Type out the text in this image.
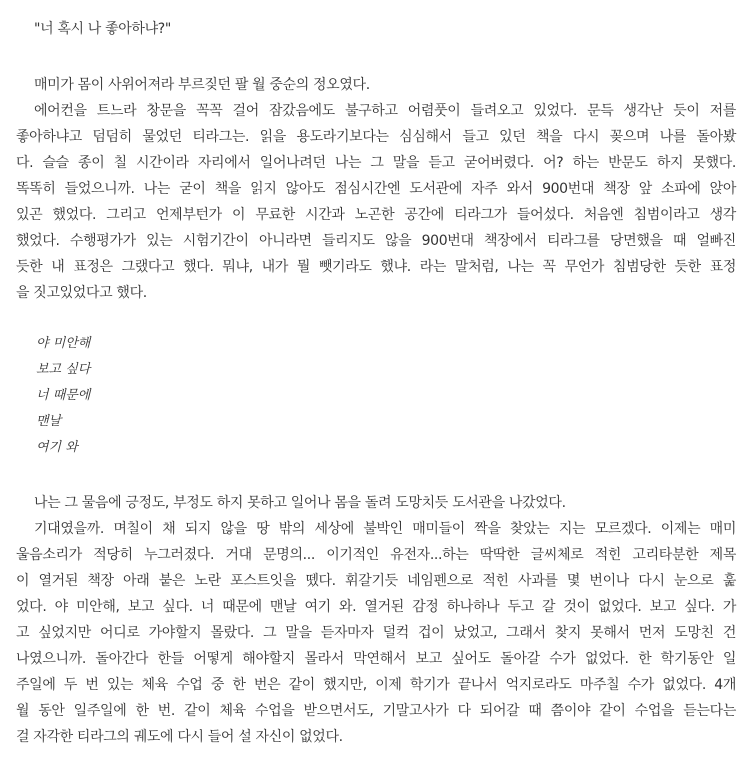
"너 혹시 나 좋아하냐?"
매미가 몸이 사위어져라 부르짖던 팔 월 중순의 정오였다.
에어컨을 트느라 창문을 꼭꼭 걸어 잠갔음에도 불구하고 어렴풋이 들려오고 있었다. 문득 생각난 듯이 저를
좋아하냐고 덤덤히 물었던 티라그는. 읽을 용도라기보다는 심심해서 들고 있던 책을 다시 꽂으며 나를 돌아봤
다. 슬슬 종이 칠 시간이라 자리에서 일어나려던 나는 그 말을 듣고 굳어버렸다. 어? 하는 반문도 하지 못했다.
똑똑히 들었으니까. 나는 굳이 책을 읽지 않아도 점심시간엔 도서관에 자주 와서 900번대 책장 앞 소파에 앉아
있곤 했었다. 그리고 언제부턴가 이 무료한 시간과 노곤한 공간에 티라그가 들어섰다. 처음엔 침범이라고 생각
했었다. 수행평가가 있는 시험기간이 아니라면 들리지도 않을 900번대 책장에서 티라그를 당면했을 때 얼빠진
듯한 내 표정은 그랬다고 했다. 뭐냐, 내가 뭘 뺏기라도 했냐. 라는 말처럼, 나는 꼭 무언가 침범당한 듯한 표정
을 짓고있었다고 했다.
야 미안해
보고 싶다
너 때문에
맨날
여기 와
나는 그 물음에 긍정도, 부정도 하지 못하고 일어나 몸을 돌려 도망치듯 도서관을 나갔었다.
기대였을까. 며칠이 채 되지 않을 땅 밖의 세상에 불박인 매미들이 짝을 찾았는 지는 모르겠다. 이제는 매미
울음소리가 적당히 누그러졌다. 거대 문명의... 이기적인 유전자...하는 딱딱한 글씨체로 적힌 고리타분한 제목
이 열거된 책장 아래 붙은 노란 포스트잇을 뗐다. 휘갈기듯 네임펜으로 적힌 사과를 몇 번이나 다시 눈으로 훑
었다. 야 미안해, 보고 싶다. 너 때문에 맨날 여기 와. 열거된 감정 하나하나 두고 갈 것이 없었다. 보고 싶다. 가
고 싶었지만 어디로 가야할지 몰랐다. 그 말을 듣자마자 덜컥 겁이 났었고, 그래서 찾지 못해서 먼저 도망친 건
나였으니까. 돌아간다 한들 어떻게 해야할지 몰라서 막연해서 보고 싶어도 돌아갈 수가 없었다. 한 학기동안 일
주일에 두 번 있는 체육 수업 중 한 번은 같이 했지만, 이제 학기가 끝나서 억지로라도 마주칠 수가 없었다. 4개
월 동안 일주일에 한 번. 같이 체육 수업을 받으면서도, 기말고사가 다 되어갈 때 쯤이야 같이 수업을 듣는다는
걸 자각한 티라그의 궤도에 다시 들어 설 자신이 없었다.
